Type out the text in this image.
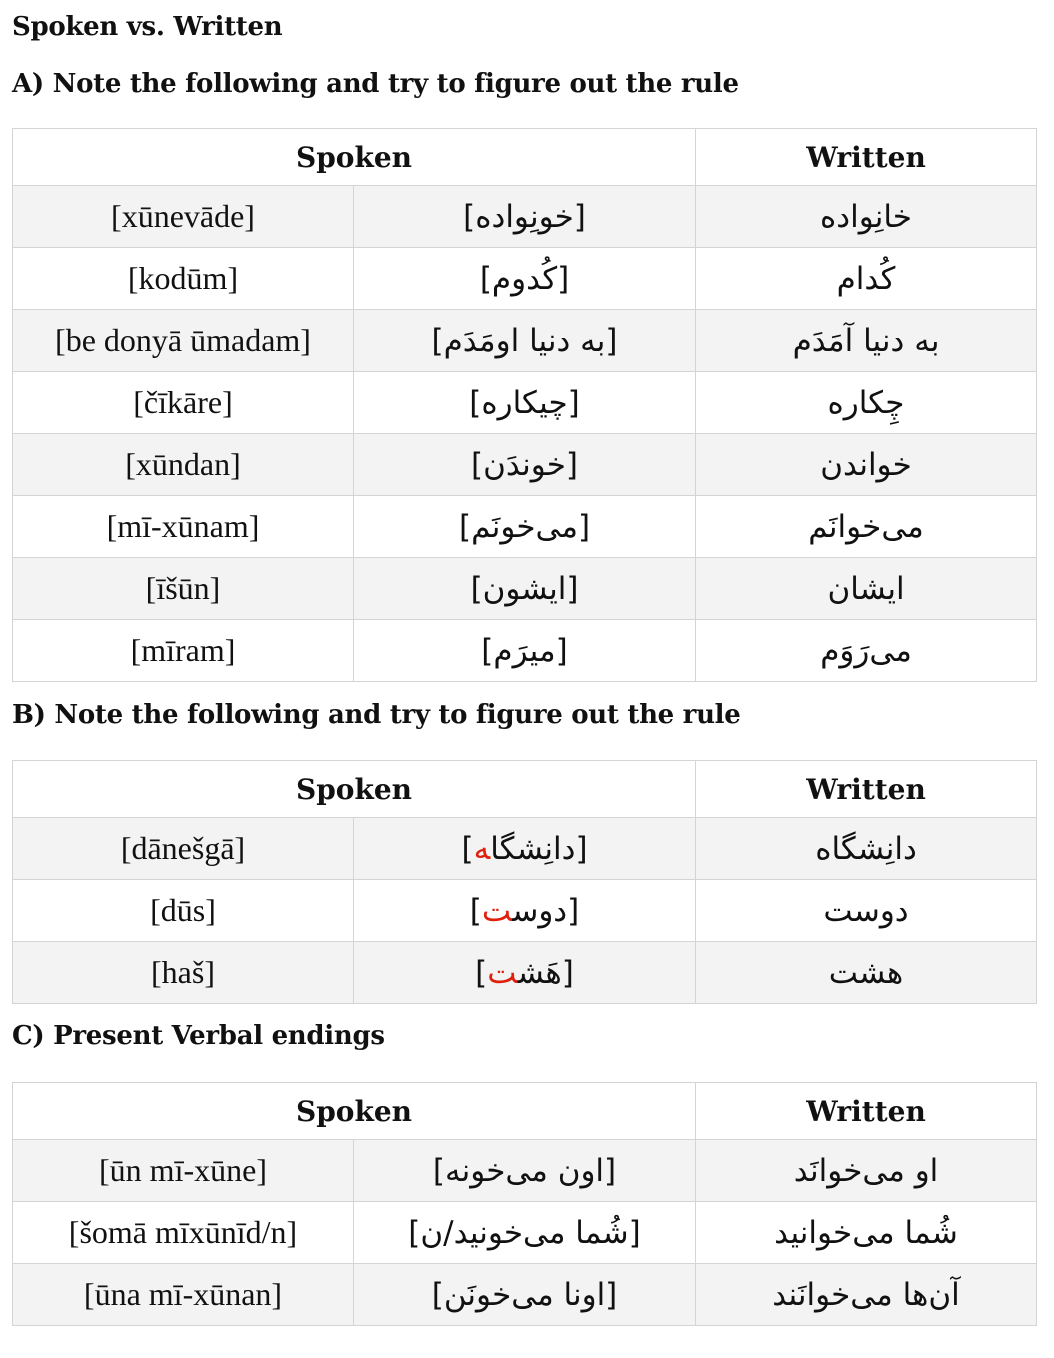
Spoken vs. Written
A) Note the following and try to figure out the rule
Spoken		Written
[xūnevāde]	[خونِواده]	خانِواده
[kodūm]	[کُدوم]	کُدام
[be donyā ūmadam]	[به دنیا اومَدَم]	به دنیا آمَدَم
[čīkāre]	[چیکاره]	چِکاره
[xūndan]	[خوندَن]	خواندن
[mī-xūnam]	[می‌خونَم]	می‌خوانَم
[īšūn]	[ایشون]	ایشان
[mīram]	[میرَم]	می‌رَوَم
B) Note the following and try to figure out the rule
Spoken		Written
[dānešgā]	[دانِشگا‍‍ه]	دانِشگاه
[dūs]	[دوس‍‍ت]	دوست
[haš]	[هَش‍‍ت]	هشت
C) Present Verbal endings
Spoken		Written
[ūn mī-xūne]	[اون می‌خونه]	او می‌خوانَد
[šomā mīxūnīd/n]	[شُما می‌خونید/ن]	شُما می‌خوانید
[ūna mī-xūnan]	[اونا می‌خونَن]	آن‌ها می‌خوانَند
